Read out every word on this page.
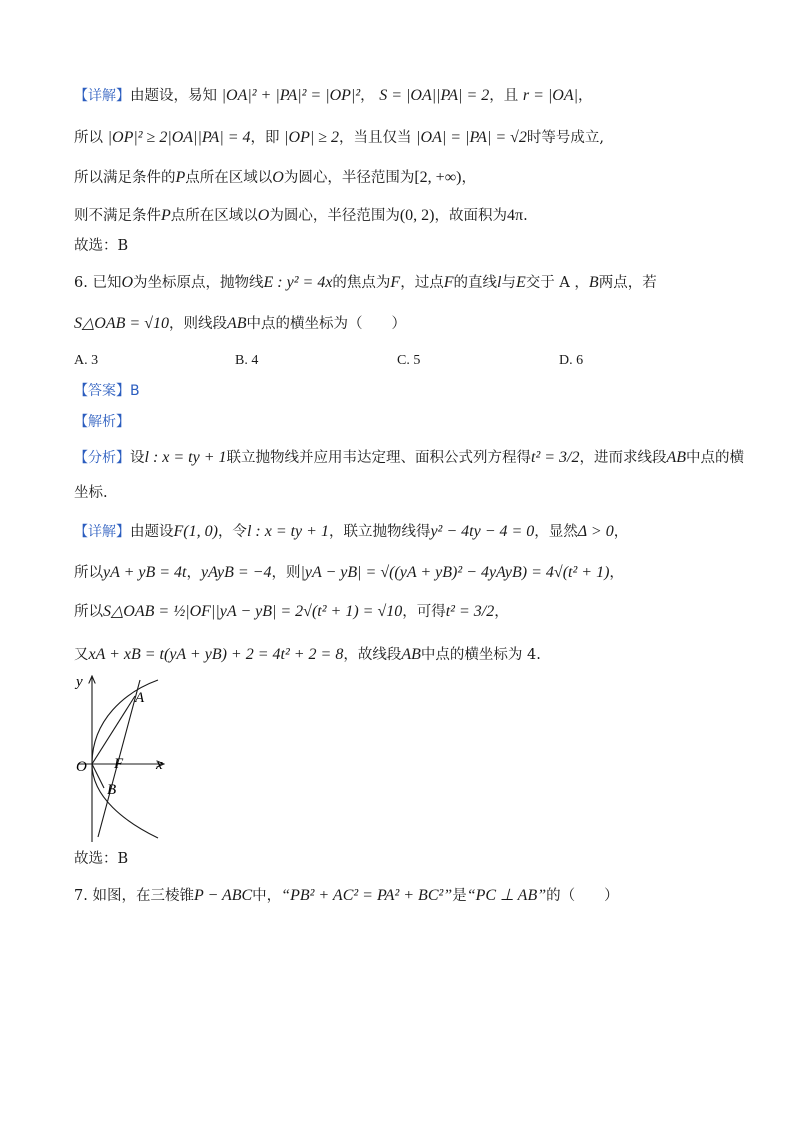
【详解】由题设，易知 |OA|² + |PA|² = |OP|²， S = |OA||PA| = 2，且 r = |OA|，
所以 |OP|² ≥ 2|OA||PA| = 4，即 |OP| ≥ 2，当且仅当 |OA| = |PA| = √2时等号成立,
所以满足条件的P点所在区域以O为圆心，半径范围为[2, +∞)，
则不满足条件P点所在区域以O为圆心，半径范围为(0, 2)，故面积为4π.
故选：B
6. 已知O为坐标原点，抛物线E : y² = 4x的焦点为F，过点F的直线l与E交于 A ，B两点，若
S△OAB = √10，则线段AB中点的横坐标为（　　）
A. 3	B. 4	C. 5	D. 6
【答案】B
【解析】
【分析】设l : x = ty + 1联立抛物线并应用韦达定理、面积公式列方程得t² = 3/2，进而求线段AB中点的横
坐标.
【详解】由题设F(1, 0)，令l : x = ty + 1，联立抛物线得y² − 4ty − 4 = 0，显然Δ > 0，
所以yA + yB = 4t，yAyB = −4，则|yA − yB| = √((yA + yB)² − 4yAyB) = 4√(t² + 1)，
所以S△OAB = ½|OF||yA − yB| = 2√(t² + 1) = √10，可得t² = 3/2，
又xA + xB = t(yA + yB) + 2 = 4t² + 2 = 8，故线段AB中点的横坐标为 4.
y
x
O F
A
B
故选：B
7. 如图，在三棱锥P − ABC中，“PB² + AC² = PA² + BC²”是“PC ⊥ AB”的（　　）
